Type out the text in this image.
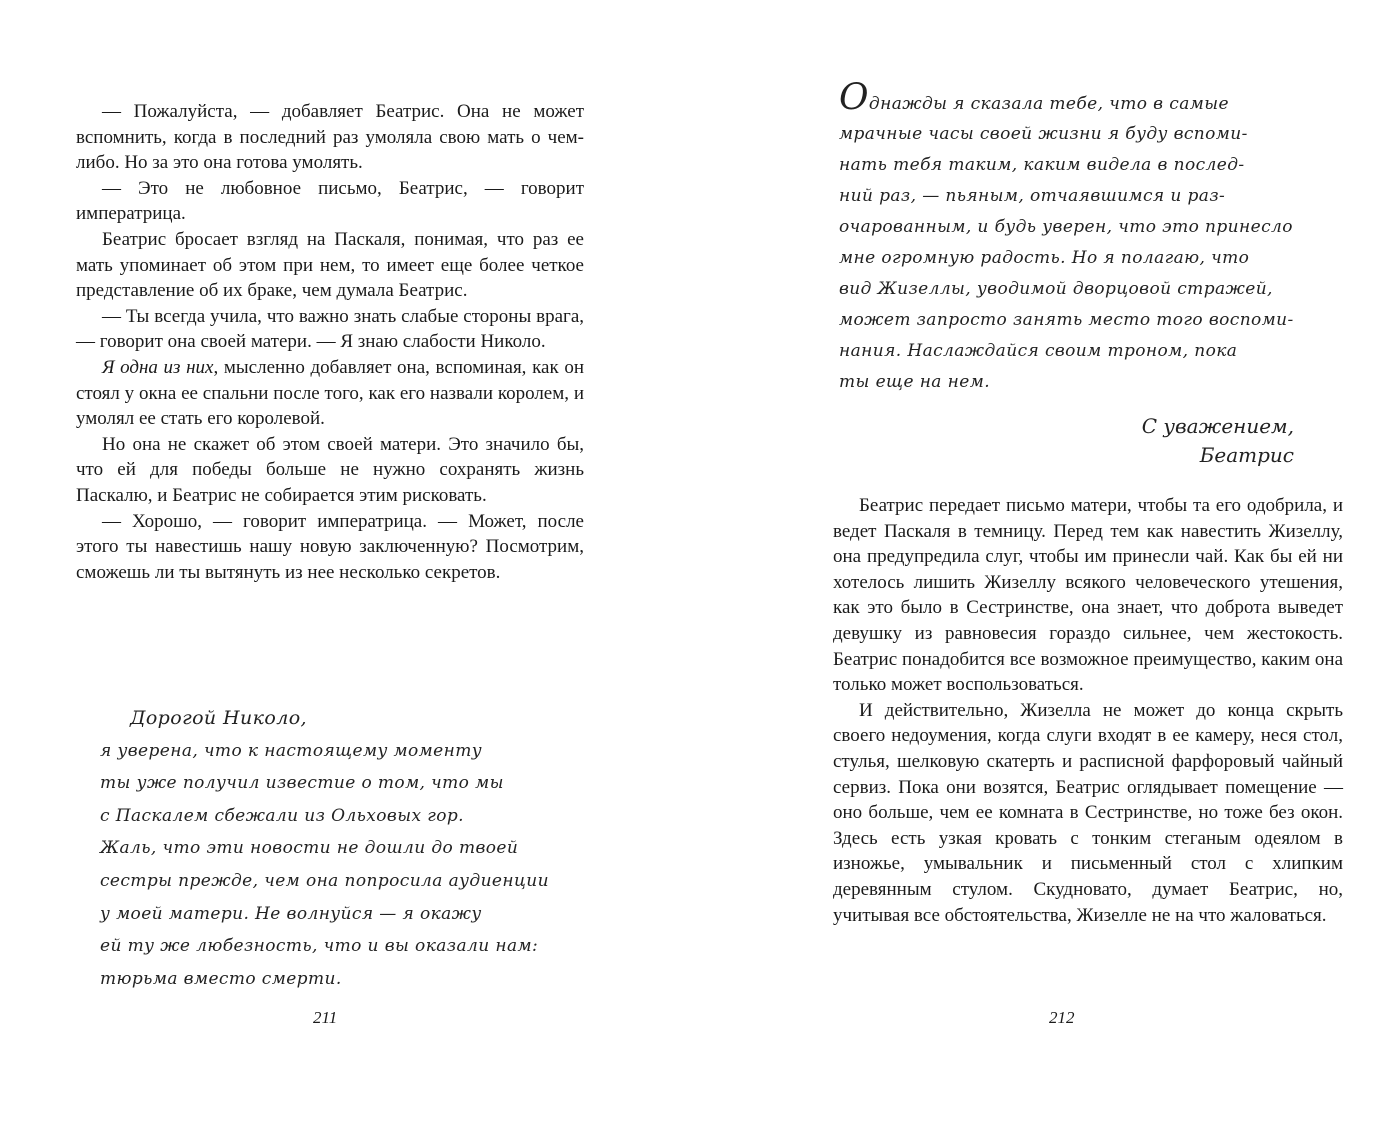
— Пожалуйста, — добавляет Беатрис. Она не может вспомнить, когда в последний раз умоляла свою мать о чем-либо. Но за это она готова умолять.

— Это не любовное письмо, Беатрис, — говорит императрица.

Беатрис бросает взгляд на Паскаля, понимая, что раз ее мать упоминает об этом при нем, то имеет еще более четкое представление об их браке, чем думала Беатрис.

— Ты всегда учила, что важно знать слабые стороны врага, — говорит она своей матери. — Я знаю слабости Николо.

Я одна из них, мысленно добавляет она, вспоминая, как он стоял у окна ее спальни после того, как его назвали королем, и умолял ее стать его королевой.

Но она не скажет об этом своей матери. Это значило бы, что ей для победы больше не нужно сохранять жизнь Паскалю, и Беатрис не собирается этим рисковать.

— Хорошо, — говорит императрица. — Может, после этого ты навестишь нашу новую заключенную? Посмотрим, сможешь ли ты вытянуть из нее несколько секретов.

Дорогой Николо,
я уверена, что к настоящему моменту
ты уже получил известие о том, что мы
с Паскалем сбежали из Ольховых гор.
Жаль, что эти новости не дошли до твоей
сестры прежде, чем она попросила аудиенции
у моей матери. Не волнуйся — я окажу
ей ту же любезность, что и вы оказали нам:
тюрьма вместо смерти.
211
Однажды я сказала тебе, что в самые
мрачные часы своей жизни я буду вспоми-
нать тебя таким, каким видела в послед-
ний раз, — пьяным, отчаявшимся и раз-
очарованным, и будь уверен, что это принесло
мне огромную радость. Но я полагаю, что
вид Жизеллы, уводимой дворцовой стражей,
может запросто занять место того воспоми-
нания. Наслаждайся своим троном, пока
ты еще на нем.
С уважением,
Беатрис

Беатрис передает письмо матери, чтобы та его одобрила, и ведет Паскаля в темницу. Перед тем как навестить Жизеллу, она предупредила слуг, чтобы им принесли чай. Как бы ей ни хотелось лишить Жизеллу всякого человеческого утешения, как это было в Сестринстве, она знает, что доброта выведет девушку из равновесия гораздо сильнее, чем жестокость. Беатрис понадобится все возможное преимущество, каким она только может воспользоваться.

И действительно, Жизелла не может до конца скрыть своего недоумения, когда слуги входят в ее камеру, неся стол, стулья, шелковую скатерть и расписной фарфоровый чайный сервиз. Пока они возятся, Беатрис оглядывает помещение — оно больше, чем ее комната в Сестринстве, но тоже без окон. Здесь есть узкая кровать с тонким стеганым одеялом в изножье, умывальник и письменный стол с хлипким деревянным стулом. Скудновато, думает Беатрис, но, учитывая все обстоятельства, Жизелле не на что жаловаться.

212
